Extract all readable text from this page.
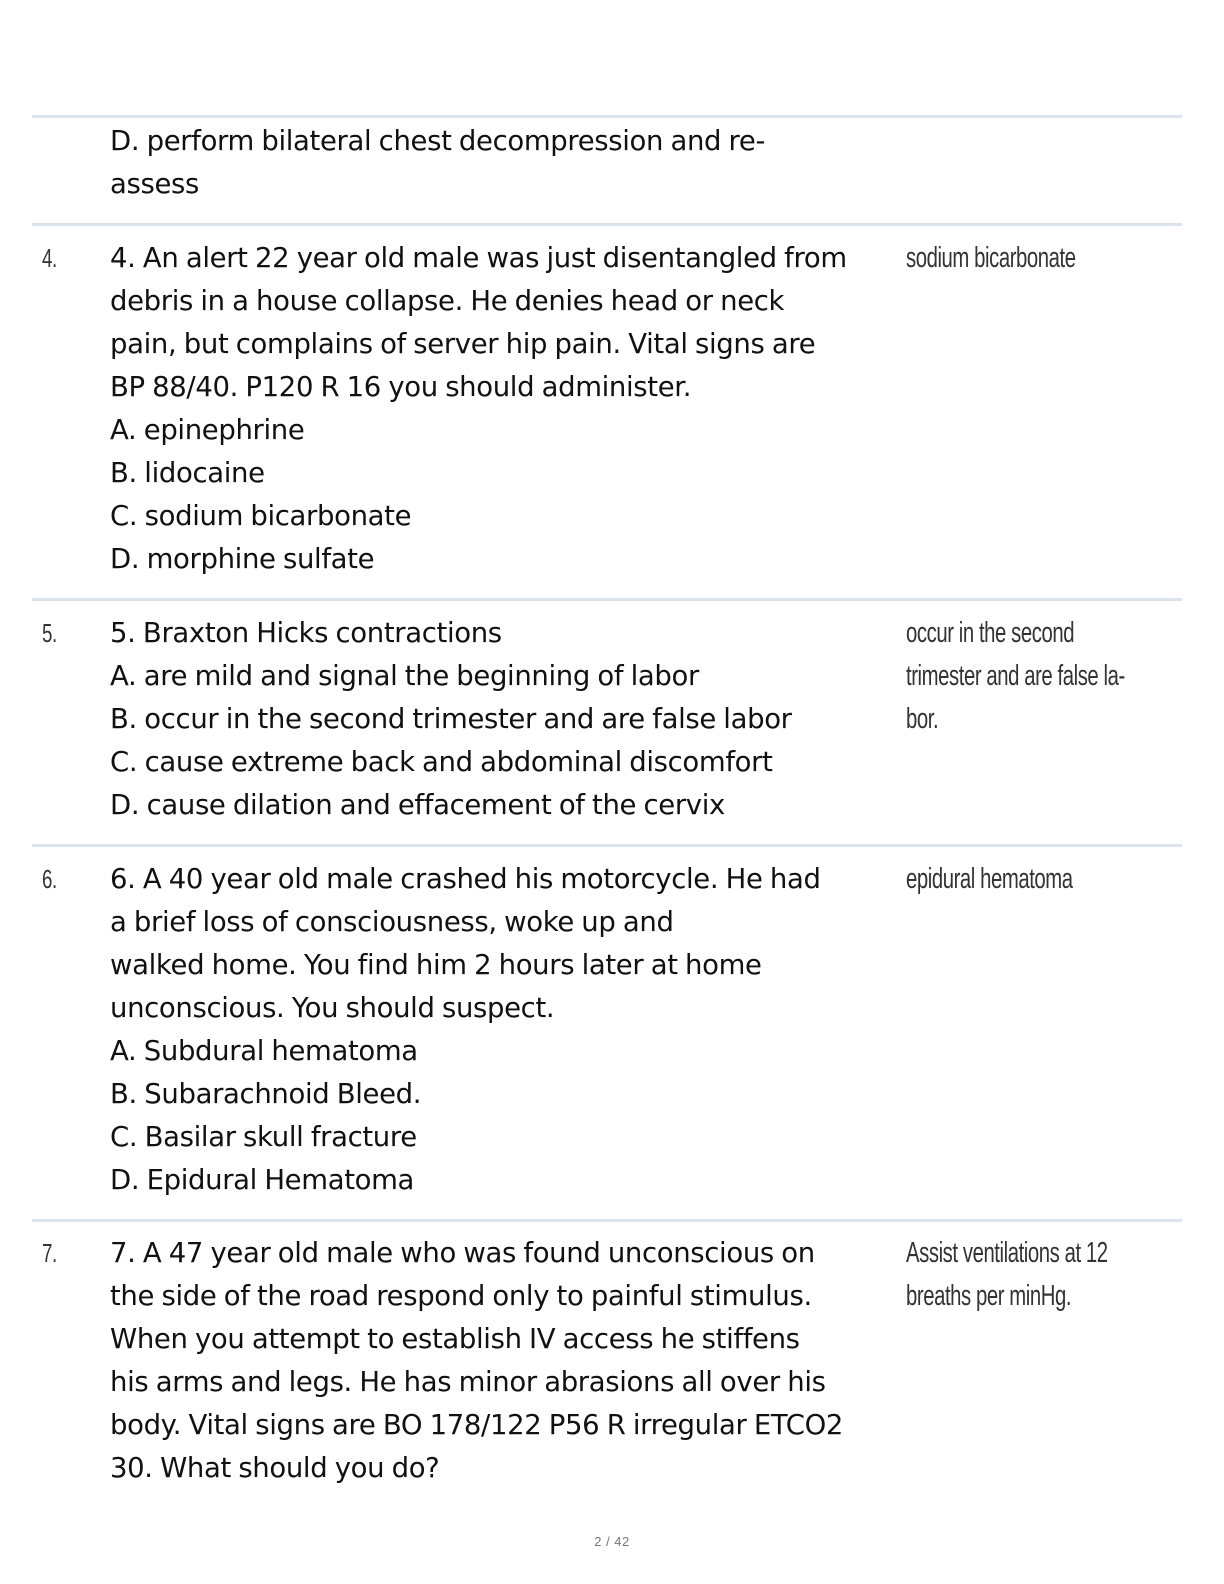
D. perform bilateral chest decompression and re-
assess
4. 4. An alert 22 year old male was just disentangled from
debris in a house collapse. He denies head or neck
pain, but complains of server hip pain. Vital signs are
BP 88/40. P120 R 16 you should administer.
A. epinephrine
B. lidocaine
C. sodium bicarbonate
D. morphine sulfate
sodium bicarbonate
5. 5. Braxton Hicks contractions
A. are mild and signal the beginning of labor
B. occur in the second trimester and are false labor
C. cause extreme back and abdominal discomfort
D. cause dilation and effacement of the cervix
occur in the second
trimester and are false la-
bor.
6. 6. A 40 year old male crashed his motorcycle. He had
a brief loss of consciousness, woke up and
walked home. You find him 2 hours later at home
unconscious. You should suspect.
A. Subdural hematoma
B. Subarachnoid Bleed.
C. Basilar skull fracture
D. Epidural Hematoma
epidural hematoma
7. 7. A 47 year old male who was found unconscious on
the side of the road respond only to painful stimulus.
When you attempt to establish IV access he stiffens
his arms and legs. He has minor abrasions all over his
body. Vital signs are BO 178/122 P56 R irregular ETCO2
30. What should you do?
Assist ventilations at 12
breaths per minHg.
2 / 42
